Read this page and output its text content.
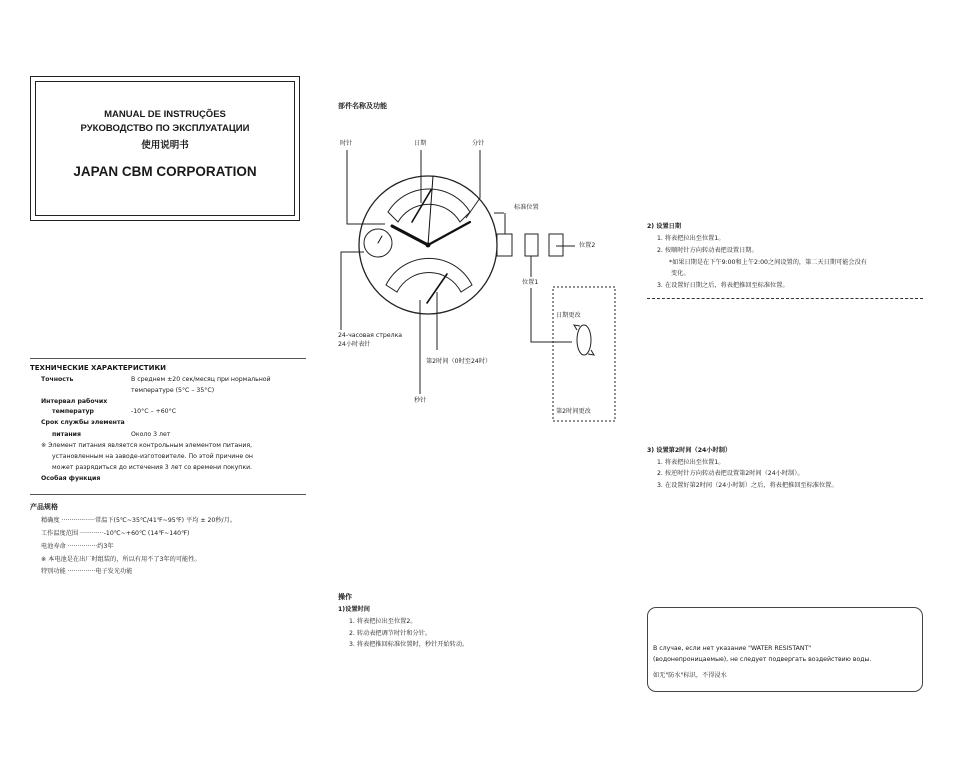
MANUAL DE INSTRUÇÕES
РУКОВОДСТВО ПО ЭКСПЛУАТАЦИИ
使用说明书
JAPAN CBM CORPORATION
ТЕХНИЧЕСКИЕ ХАРАКТЕРИСТИКИ
Точность	В среднем ±20 сек/месяц при нормальной
температуре (5°C – 35°C)
Интервал рабочих
температур	-10°C – +60°C
Срок службы элемента
питания	Около 3 лет
※ Элемент питания является контрольным элементом питания,
установленным на заводе-изготовителе. По этой причине он
может разрядиться до истечения 3 лет со времени покупки.
Особая функция
产品规格
精确度 ·················常温下(5℃~35℃/41℉~95℉) 平均 ± 20秒/月。
工作温度范围 ············-10℃~+60℃ (14℉~140℉)
电池寿命 ···············约3年
※ 本电池是在出厂时组装的，所以有用不了3年的可能性。
特别功能 ··············电子发光功能
部件名称及功能
时针	日期	分针
标准位置
位置2
位置1
24-часовая стрелка
24小时表针
第2时间（0时至24时）
秒针
日期更改
第2时间更改
操作
1)设置时间
1. 将表把拉出至位置2。
2. 转动表把调节时针和分针。
3. 将表把推回标准位置时，秒针开始转动。
2) 设置日期
1. 将表把拉出至位置1。
2. 按顺时针方向转动表把设置日期。
*如果日期是在下午9:00和上午2:00之间设置的，第二天日期可能会没有
变化。
3. 在设置好日期之后，将表把推回至标准位置。
3) 设置第2时间（24小时制）
1. 将表把拉出至位置1。
2. 按逆时针方向转动表把设置第2时间（24小时制）。
3. 在设置好第2时间（24小时制）之后，将表把推回至标准位置。
В случае, если нет указание "WATER RESISTANT"
(водонепроницаемые), не следует подвергать воздействию воды.
如无"防水"标识，不得浸水
